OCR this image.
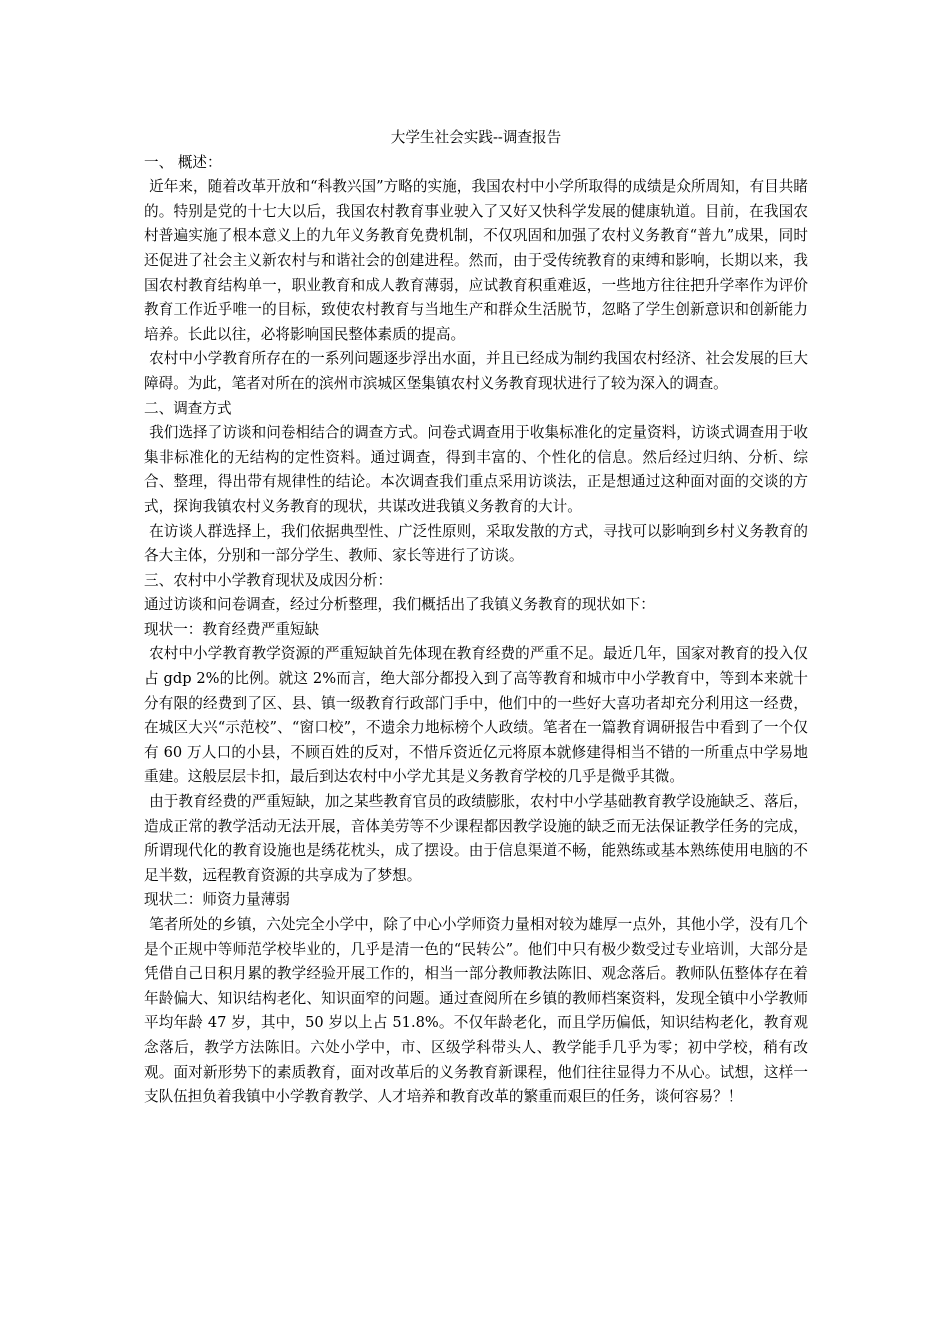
大学生社会实践--调查报告

一、 概述：

近年来，随着改革开放和“科教兴国”方略的实施，我国农村中小学所取得的成绩是众所周知，有目共睹的。特别是党的十七大以后，我国农村教育事业驶入了又好又快科学发展的健康轨道。目前，在我国农村普遍实施了根本意义上的九年义务教育免费机制，不仅巩固和加强了农村义务教育“普九”成果，同时还促进了社会主义新农村与和谐社会的创建进程。然而，由于受传统教育的束缚和影响，长期以来，我国农村教育结构单一，职业教育和成人教育薄弱，应试教育积重难返，一些地方往往把升学率作为评价教育工作近乎唯一的目标，致使农村教育与当地生产和群众生活脱节，忽略了学生创新意识和创新能力培养。长此以往，必将影响国民整体素质的提高。

农村中小学教育所存在的一系列问题逐步浮出水面，并且已经成为制约我国农村经济、社会发展的巨大障碍。为此，笔者对所在的滨州市滨城区堡集镇农村义务教育现状进行了较为深入的调查。

二、调查方式

我们选择了访谈和问卷相结合的调查方式。问卷式调查用于收集标准化的定量资料，访谈式调查用于收集非标准化的无结构的定性资料。通过调查，得到丰富的、个性化的信息。然后经过归纳、分析、综合、整理，得出带有规律性的结论。本次调查我们重点采用访谈法，正是想通过这种面对面的交谈的方式，探询我镇农村义务教育的现状，共谋改进我镇义务教育的大计。

在访谈人群选择上，我们依据典型性、广泛性原则，采取发散的方式，寻找可以影响到乡村义务教育的各大主体，分别和一部分学生、教师、家长等进行了访谈。

三、农村中小学教育现状及成因分析：

通过访谈和问卷调查，经过分析整理，我们概括出了我镇义务教育的现状如下：

现状一：教育经费严重短缺

农村中小学教育教学资源的严重短缺首先体现在教育经费的严重不足。最近几年，国家对教育的投入仅占 gdp 2%的比例。就这 2%而言，绝大部分都投入到了高等教育和城市中小学教育中，等到本来就十分有限的经费到了区、县、镇一级教育行政部门手中，他们中的一些好大喜功者却充分利用这一经费，在城区大兴“示范校”、“窗口校”，不遗余力地标榜个人政绩。笔者在一篇教育调研报告中看到了一个仅有 60 万人口的小县，不顾百姓的反对，不惜斥资近亿元将原本就修建得相当不错的一所重点中学易地重建。这般层层卡扣，最后到达农村中小学尤其是义务教育学校的几乎是微乎其微。

由于教育经费的严重短缺，加之某些教育官员的政绩膨胀，农村中小学基础教育教学设施缺乏、落后，造成正常的教学活动无法开展，音体美劳等不少课程都因教学设施的缺乏而无法保证教学任务的完成，所谓现代化的教育设施也是绣花枕头，成了摆设。由于信息渠道不畅，能熟练或基本熟练使用电脑的不足半数，远程教育资源的共享成为了梦想。

现状二：师资力量薄弱

笔者所处的乡镇，六处完全小学中，除了中心小学师资力量相对较为雄厚一点外，其他小学，没有几个是个正规中等师范学校毕业的，几乎是清一色的“民转公”。他们中只有极少数受过专业培训，大部分是凭借自己日积月累的教学经验开展工作的，相当一部分教师教法陈旧、观念落后。教师队伍整体存在着年龄偏大、知识结构老化、知识面窄的问题。通过查阅所在乡镇的教师档案资料，发现全镇中小学教师平均年龄 47 岁，其中，50 岁以上占 51.8%。不仅年龄老化，而且学历偏低，知识结构老化，教育观念落后，教学方法陈旧。六处小学中，市、区级学科带头人、教学能手几乎为零；初中学校，稍有改观。面对新形势下的素质教育，面对改革后的义务教育新课程，他们往往显得力不从心。试想，这样一支队伍担负着我镇中小学教育教学、人才培养和教育改革的繁重而艰巨的任务，谈何容易？！
